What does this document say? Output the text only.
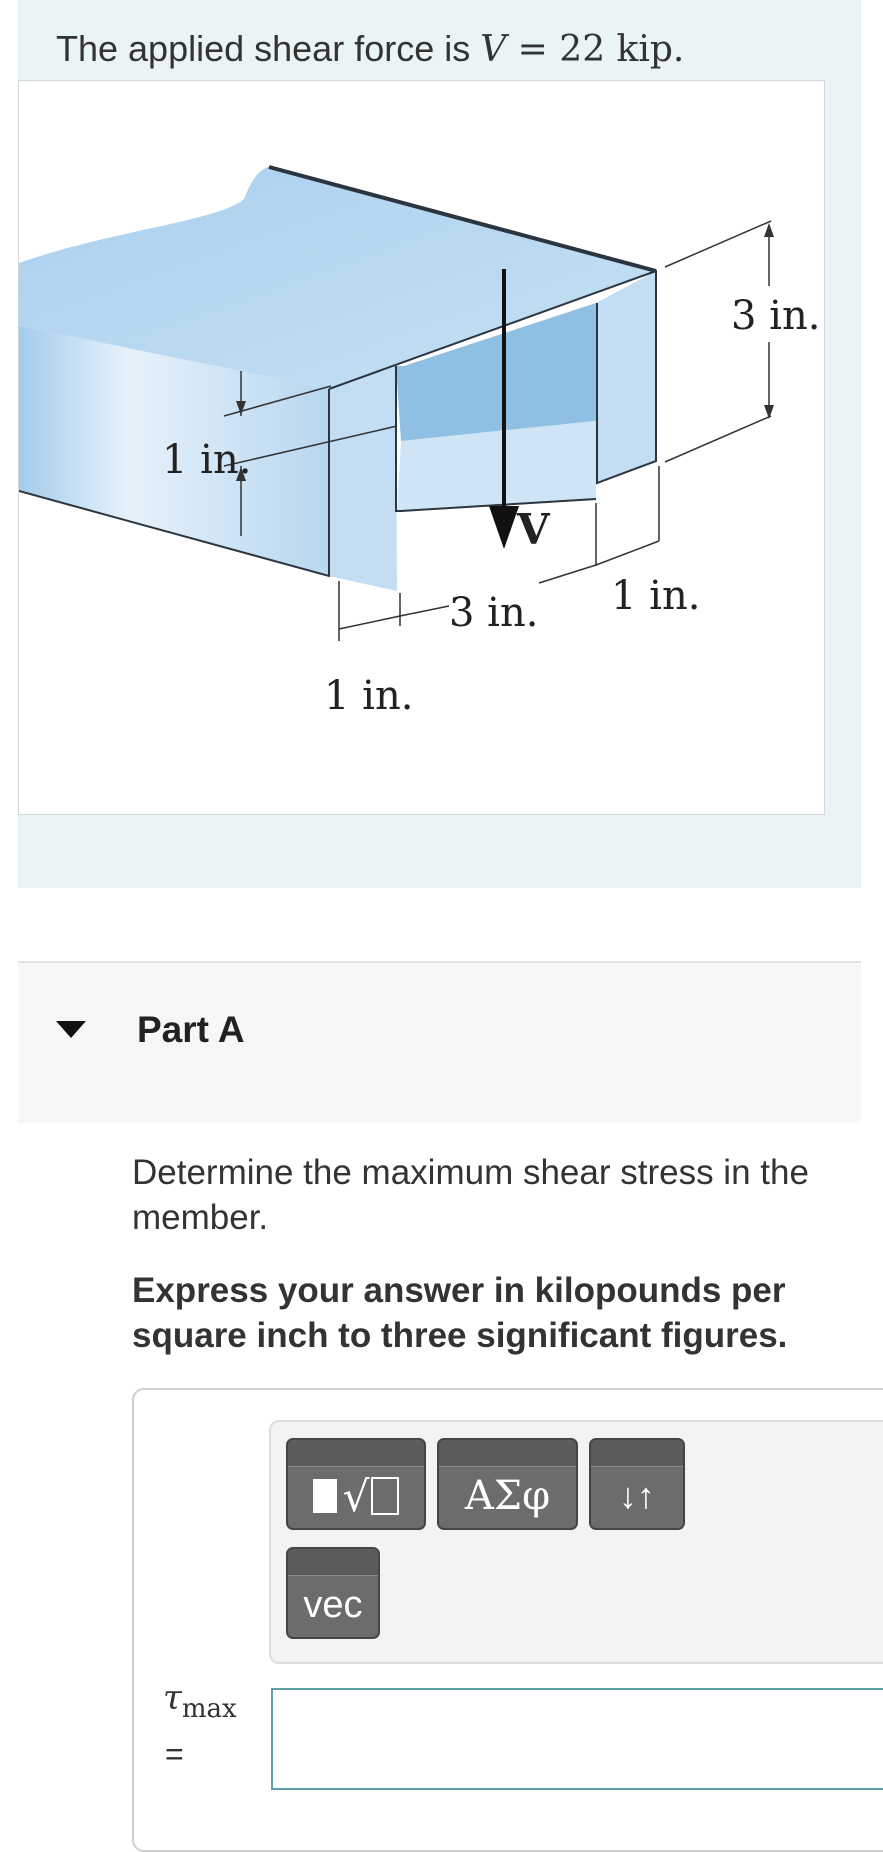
The applied shear force is V = 22 kip.

3 in.
1 in.
V
3 in. 1 in.
1 in.
Part A
Determine the maximum shear stress in the member.
Express your answer in kilopounds per square inch to three significant figures.
√	ΑΣφ ↓↑
vec
$\tau_{max}$
=
